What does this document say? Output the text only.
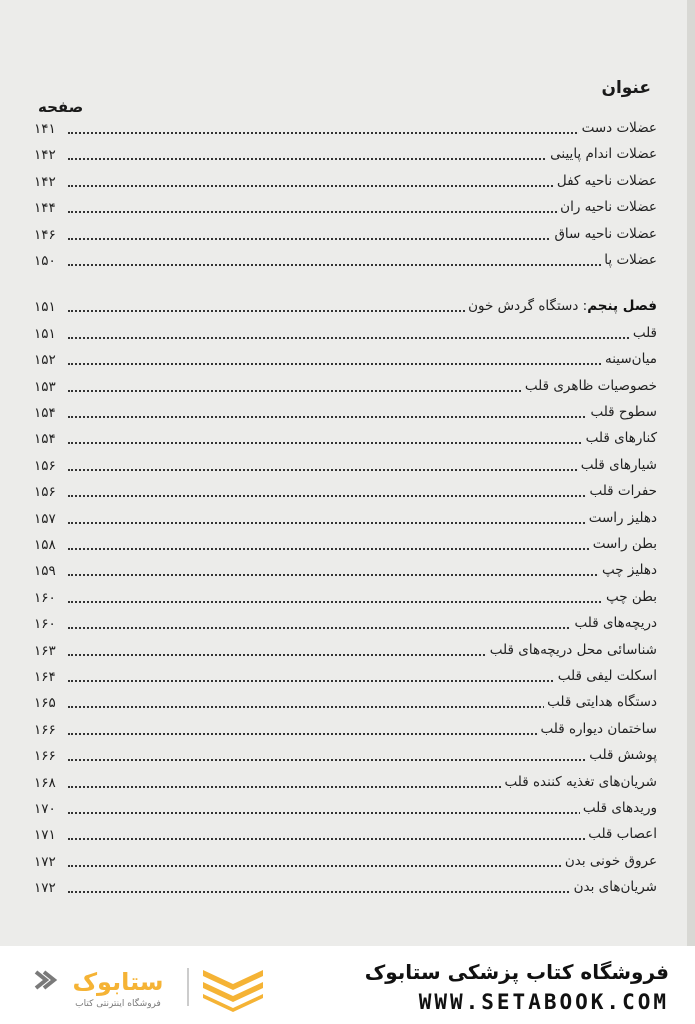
عنوان
صفحه
عضلات دست
۱۴۱
عضلات اندام پایینی
۱۴۲
عضلات ناحیه کفل
۱۴۲
عضلات ناحیه ران
۱۴۴
عضلات ناحیه ساق
۱۴۶
عضلات پا
۱۵۰
فصل پنجم: دستگاه گردش خون
۱۵۱
قلب
۱۵۱
میان‌سینه
۱۵۲
خصوصیات ظاهری قلب
۱۵۳
سطوح قلب
۱۵۴
کنارهای قلب
۱۵۴
شیارهای قلب
۱۵۶
حفرات قلب
۱۵۶
دهلیز راست
۱۵۷
بطن راست
۱۵۸
دهلیز چپ
۱۵۹
بطن چپ
۱۶۰
دریچه‌های قلب
۱۶۰
شناسائی محل دریچه‌های قلب
۱۶۳
اسکلت لیفی قلب
۱۶۴
دستگاه هدایتی قلب
۱۶۵
ساختمان دیواره قلب
۱۶۶
پوشش قلب
۱۶۶
شریان‌های تغذیه کننده قلب
۱۶۸
وریدهای قلب
۱۷۰
اعصاب قلب
۱۷۱
عروق خونی بدن
۱۷۲
شریان‌های بدن
۱۷۲
ستابوک
فروشگاه اینترنتی کتاب
فروشگاه کتاب پزشکی ستابوک
WWW.SETABOOK.COM
